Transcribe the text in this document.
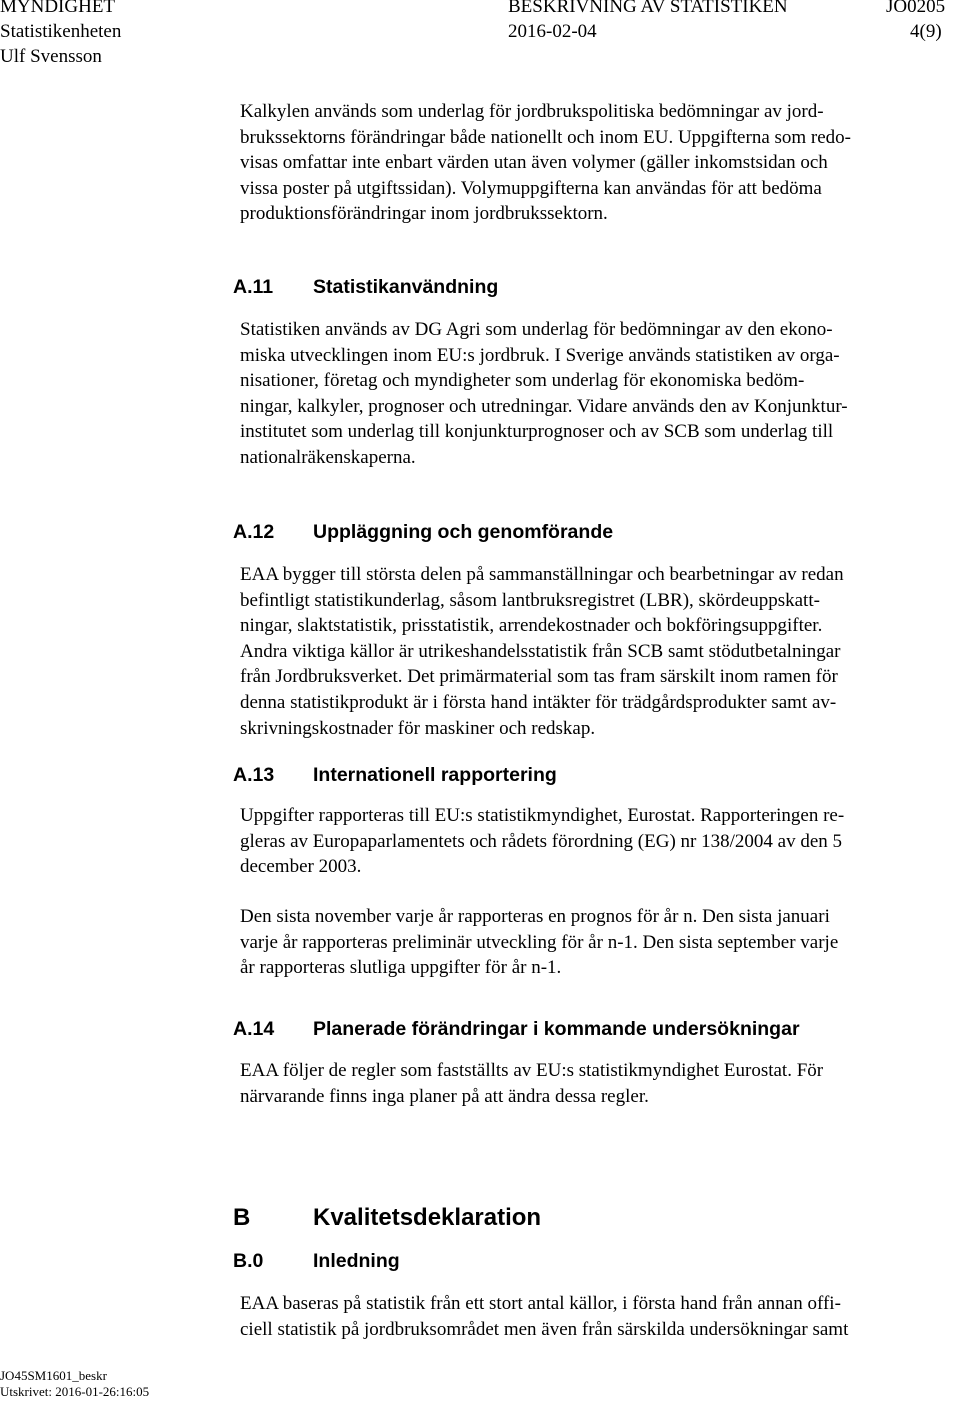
MYNDIGHET	BESKRIVNING AV STATISTIKEN	JO0205
Statistikenheten	2016-02-04	4(9)
Ulf Svensson
Kalkylen används som underlag för jordbrukspolitiska bedömningar av jord-
brukssektorns förändringar både nationellt och inom EU. Uppgifterna som redo-
visas omfattar inte enbart värden utan även volymer (gäller inkomstsidan och
vissa poster på utgiftssidan). Volymuppgifterna kan användas för att bedöma
produktionsförändringar inom jordbrukssektorn.
A.11 Statistikanvändning
Statistiken används av DG Agri som underlag för bedömningar av den ekono-
miska utvecklingen inom EU:s jordbruk. I Sverige används statistiken av orga-
nisationer, företag och myndigheter som underlag för ekonomiska bedöm-
ningar, kalkyler, prognoser och utredningar. Vidare används den av Konjunktur-
institutet som underlag till konjunkturprognoser och av SCB som underlag till
nationalräkenskaperna.
A.12 Uppläggning och genomförande
EAA bygger till största delen på sammanställningar och bearbetningar av redan
befintligt statistikunderlag, såsom lantbruksregistret (LBR), skördeuppskatt-
ningar, slaktstatistik, prisstatistik, arrendekostnader och bokföringsuppgifter.
Andra viktiga källor är utrikeshandelsstatistik från SCB samt stödutbetalningar
från Jordbruksverket. Det primärmaterial som tas fram särskilt inom ramen för
denna statistikprodukt är i första hand intäkter för trädgårdsprodukter samt av-
skrivningskostnader för maskiner och redskap.
A.13 Internationell rapportering
Uppgifter rapporteras till EU:s statistikmyndighet, Eurostat. Rapporteringen re-
gleras av Europaparlamentets och rådets förordning (EG) nr 138/2004 av den 5
december 2003.
Den sista november varje år rapporteras en prognos för år n. Den sista januari
varje år rapporteras preliminär utveckling för år n-1. Den sista september varje
år rapporteras slutliga uppgifter för år n-1.
A.14 Planerade förändringar i kommande undersökningar
EAA följer de regler som fastställts av EU:s statistikmyndighet Eurostat. För
närvarande finns inga planer på att ändra dessa regler.
B	Kvalitetsdeklaration
B.0	Inledning
EAA baseras på statistik från ett stort antal källor, i första hand från annan offi-
ciell statistik på jordbruksområdet men även från särskilda undersökningar samt
JO45SM1601_beskr
Utskrivet: 2016-01-26:16:05
